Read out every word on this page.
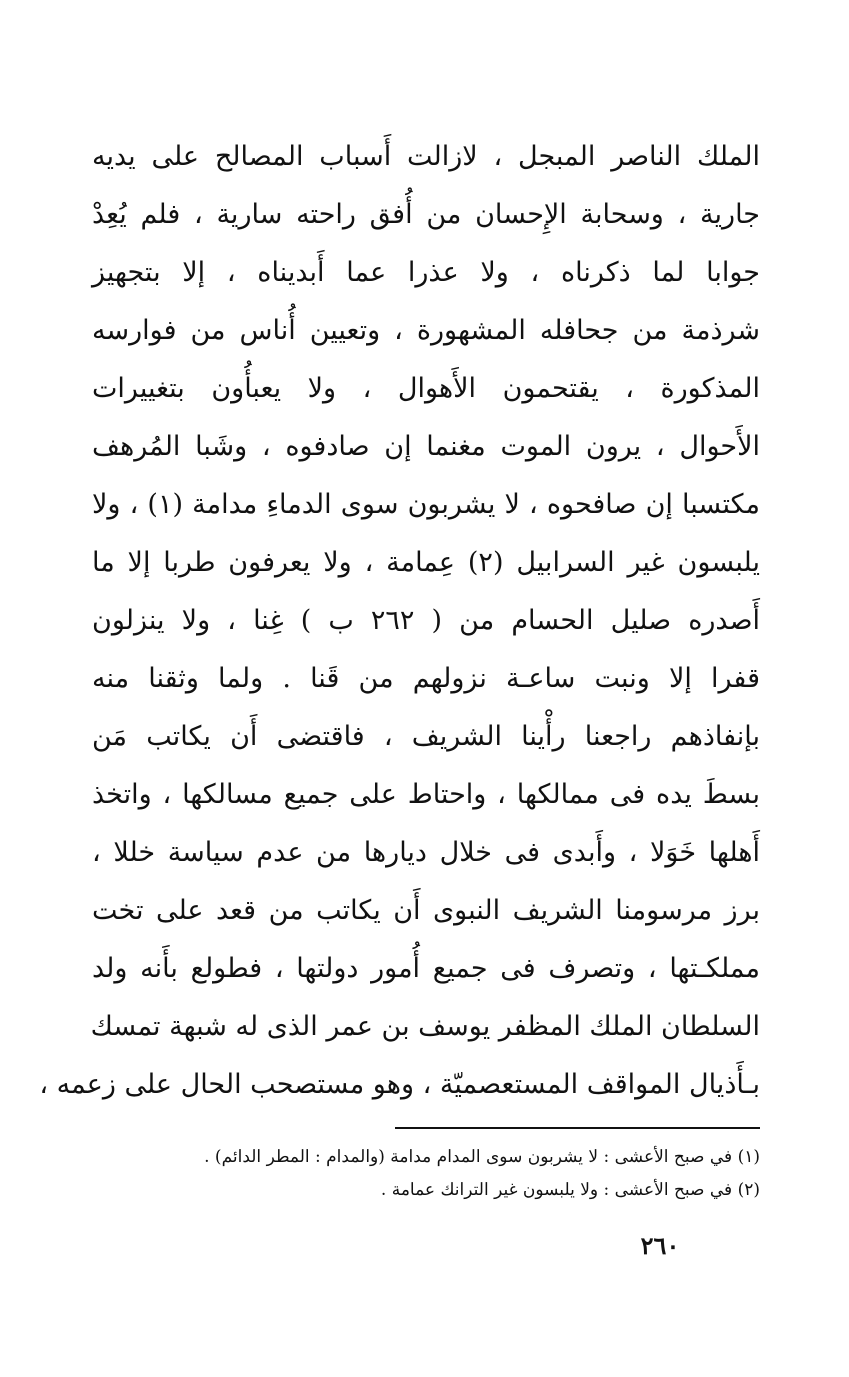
الملك الناصر المبجل ، لازالت أَسباب المصالح على يديه
جارية ، وسحابة الإِحسان من أُفق راحته سارية ، فلم يُعِدْ
جوابا لما ذكرناه ، ولا عذرا عما أَبديناه ، إلا بتجهيز
شرذمة من جحافله المشهورة ، وتعيين أُناس من فوارسه
المذكورة ، يقتحمون الأَهوال ، ولا يعبأُون بتغييرات
الأَحوال ، يرون الموت مغنما إن صادفوه ، وشَبا المُرهف
مكتسبا إن صافحوه ، لا يشربون سوى الدماءِ مدامة (١) ، ولا
يلبسون غير السرابيل (٢) عِمامة ، ولا يعرفون طربا إلا ما
أَصدره صليل الحسام من ( ٢٦٢ ب ) غِنا ، ولا ينزلون
قفرا إلا ونبت ساعـة نزولهم من قَنا . ولما وثقنا منه
بإنفاذهم راجعنا رأْينا الشريف ، فاقتضى أَن يكاتب مَن
بسطَ يده فى ممالكها ، واحتاط على جميع مسالكها ، واتخذ
أَهلها خَوَلا ، وأَبدى فى خلال ديارها من عدم سياسة خللا ،
برز مرسومنا الشريف النبوى أَن يكاتب من قعد على تخت
مملكـتها ، وتصرف فى جميع أُمور دولتها ، فطولع بأَنه ولد
السلطان الملك المظفر يوسف بن عمر الذى له شبهة تمسك
بـأَذيال المواقف المستعصميّة ، وهو مستصحب الحال على زعمه ،
(١) في صبح الأعشى : لا يشربون سوى المدام مدامة (والمدام : المطر الدائم) .
(٢) في صبح الأعشى : ولا يلبسون غير الترانك عمامة .
٢٦٠
